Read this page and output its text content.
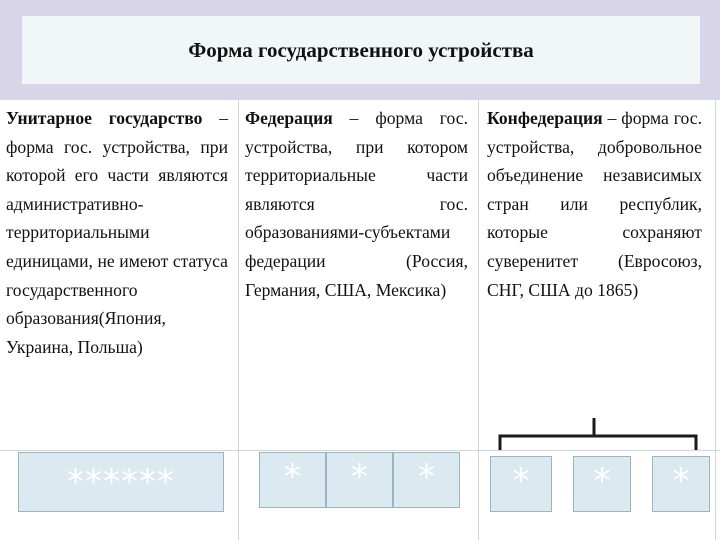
Форма государственного устройства

Унитарное государство – форма гос. устройства, при которой его части являются административно-территориальными единицами, не имеют статуса государственного образования(Япония, Украина, Польша)

Федерация – форма гос. устройства, при котором территориальные части являются гос. образованиями-субъектами федерации (Россия, Германия, США, Мексика)

Конфедерация – форма гос. устройства, добровольное объединение независимых стран или республик, которые сохраняют суверенитет (Евросоюз, СНГ, США до 1865)

******	* * * * * *
